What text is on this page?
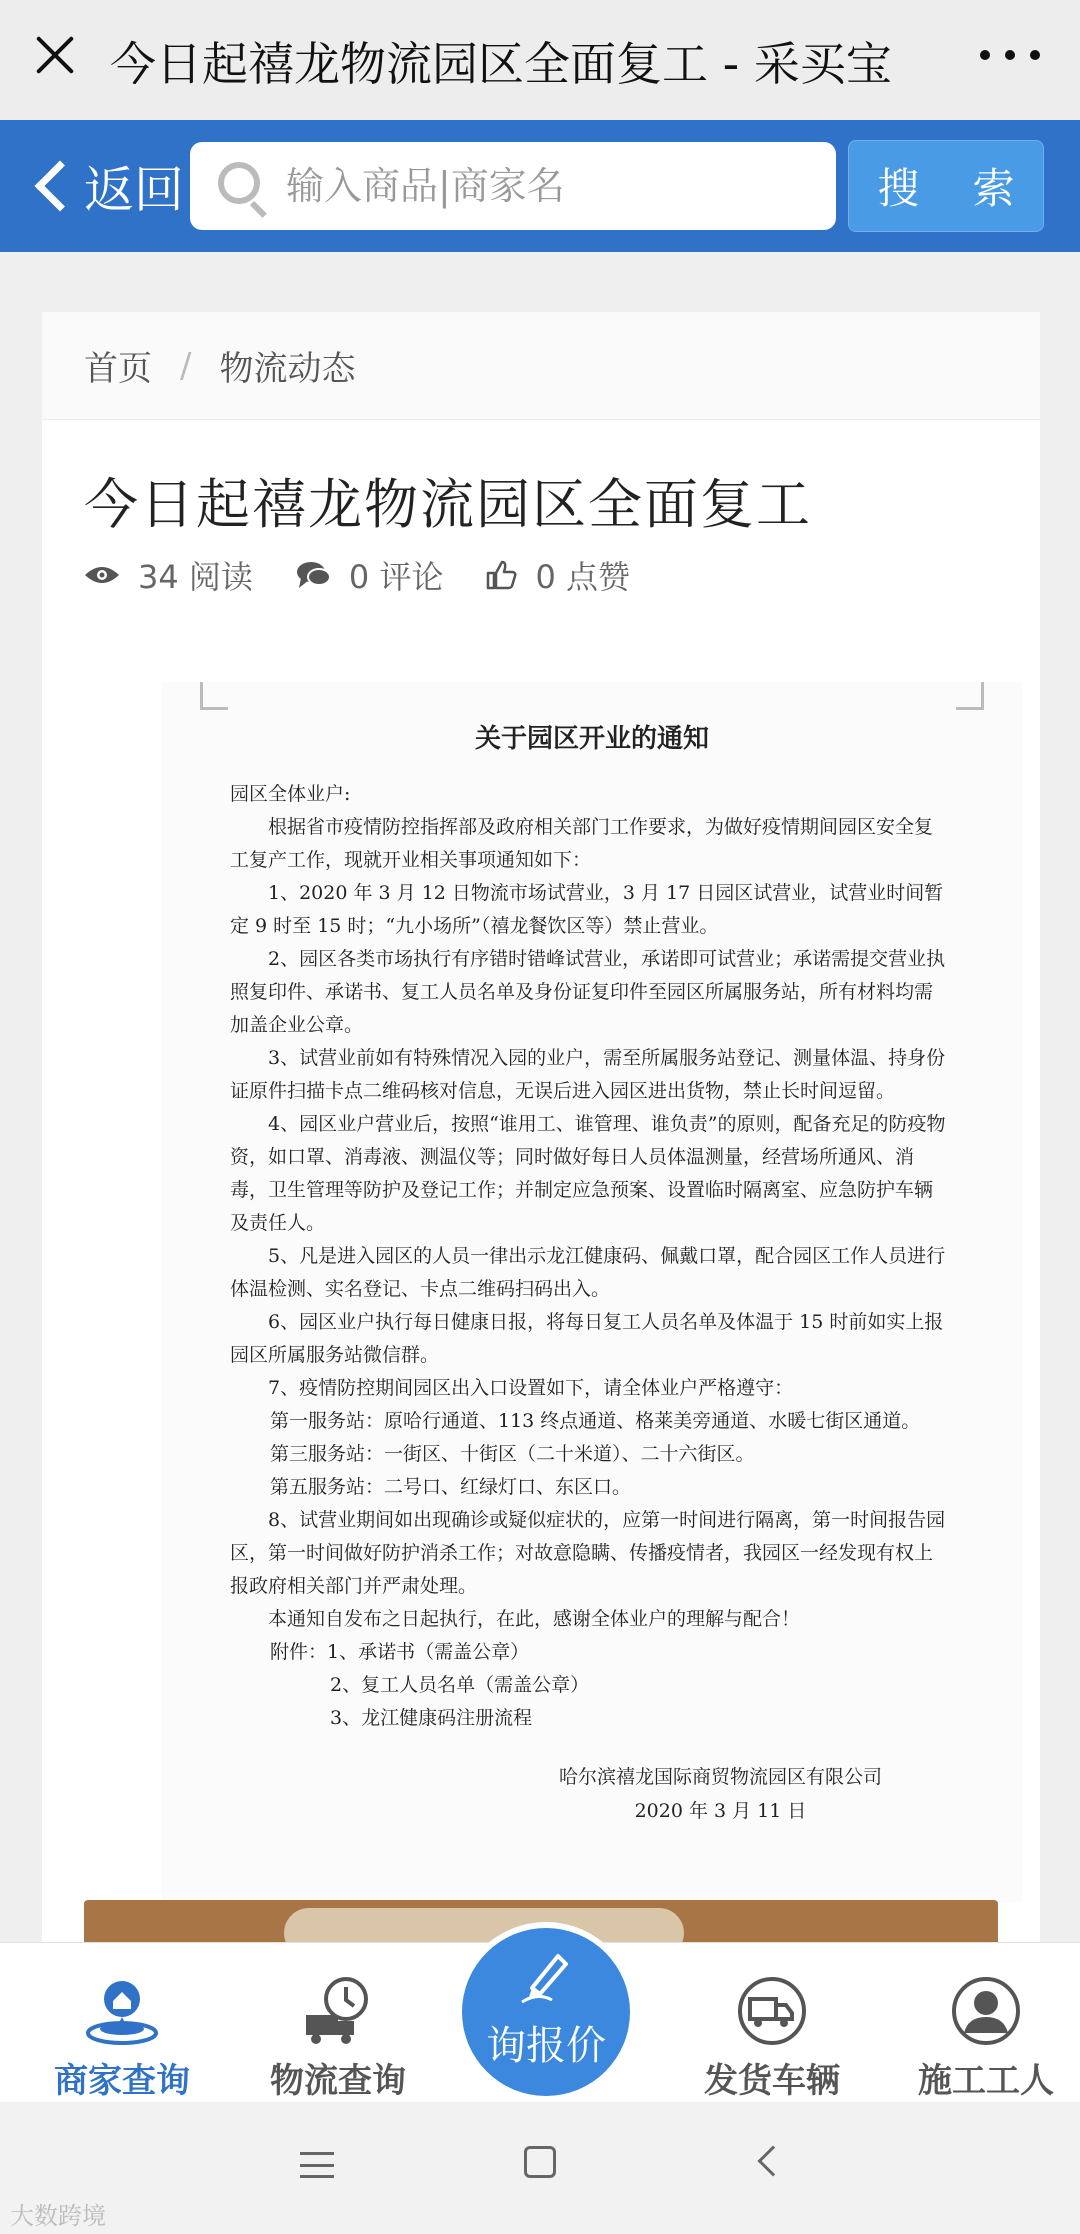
今日起禧龙物流园区全面复工 - 采买宝
返回
输入商品|商家名	搜 索
首页 / 物流动态
今日起禧龙物流园区全面复工
34 阅读	0 评论	0 点赞
关于园区开业的通知

园区全体业户:

根据省市疫情防控指挥部及政府相关部门工作要求，为做好疫情期间园区安全复工复产工作，现就开业相关事项通知如下：

1、2020 年 3 月 12 日物流市场试营业，3 月 17 日园区试营业，试营业时间暂定 9 时至 15 时；“九小场所”（禧龙餐饮区等）禁止营业。

2、园区各类市场执行有序错时错峰试营业，承诺即可试营业；承诺需提交营业执照复印件、承诺书、复工人员名单及身份证复印件至园区所属服务站，所有材料均需加盖企业公章。

3、试营业前如有特殊情况入园的业户，需至所属服务站登记、测量体温、持身份证原件扫描卡点二维码核对信息，无误后进入园区进出货物，禁止长时间逗留。

4、园区业户营业后，按照“谁用工、谁管理、谁负责”的原则，配备充足的防疫物资，如口罩、消毒液、测温仪等；同时做好每日人员体温测量，经营场所通风、消毒，卫生管理等防护及登记工作；并制定应急预案、设置临时隔离室、应急防护车辆及责任人。

5、凡是进入园区的人员一律出示龙江健康码、佩戴口罩，配合园区工作人员进行体温检测、实名登记、卡点二维码扫码出入。

6、园区业户执行每日健康日报，将每日复工人员名单及体温于 15 时前如实上报园区所属服务站微信群。

7、疫情防控期间园区出入口设置如下，请全体业户严格遵守：

第一服务站：原哈行通道、113 终点通道、格莱美旁通道、水暖七街区通道。

第三服务站：一街区、十街区（二十米道）、二十六街区。

第五服务站：二号口、红绿灯口、东区口。

8、试营业期间如出现确诊或疑似症状的，应第一时间进行隔离，第一时间报告园区，第一时间做好防护消杀工作；对故意隐瞒、传播疫情者，我园区一经发现有权上报政府相关部门并严肃处理。

本通知自发布之日起执行，在此，感谢全体业户的理解与配合！

附件：1、承诺书（需盖公章）

2、复工人员名单（需盖公章）

3、龙江健康码注册流程

哈尔滨禧龙国际商贸物流园区有限公司
2020 年 3 月 11 日
商家查询	物流查询	发货车辆	施工工人
询报价
大数跨境
